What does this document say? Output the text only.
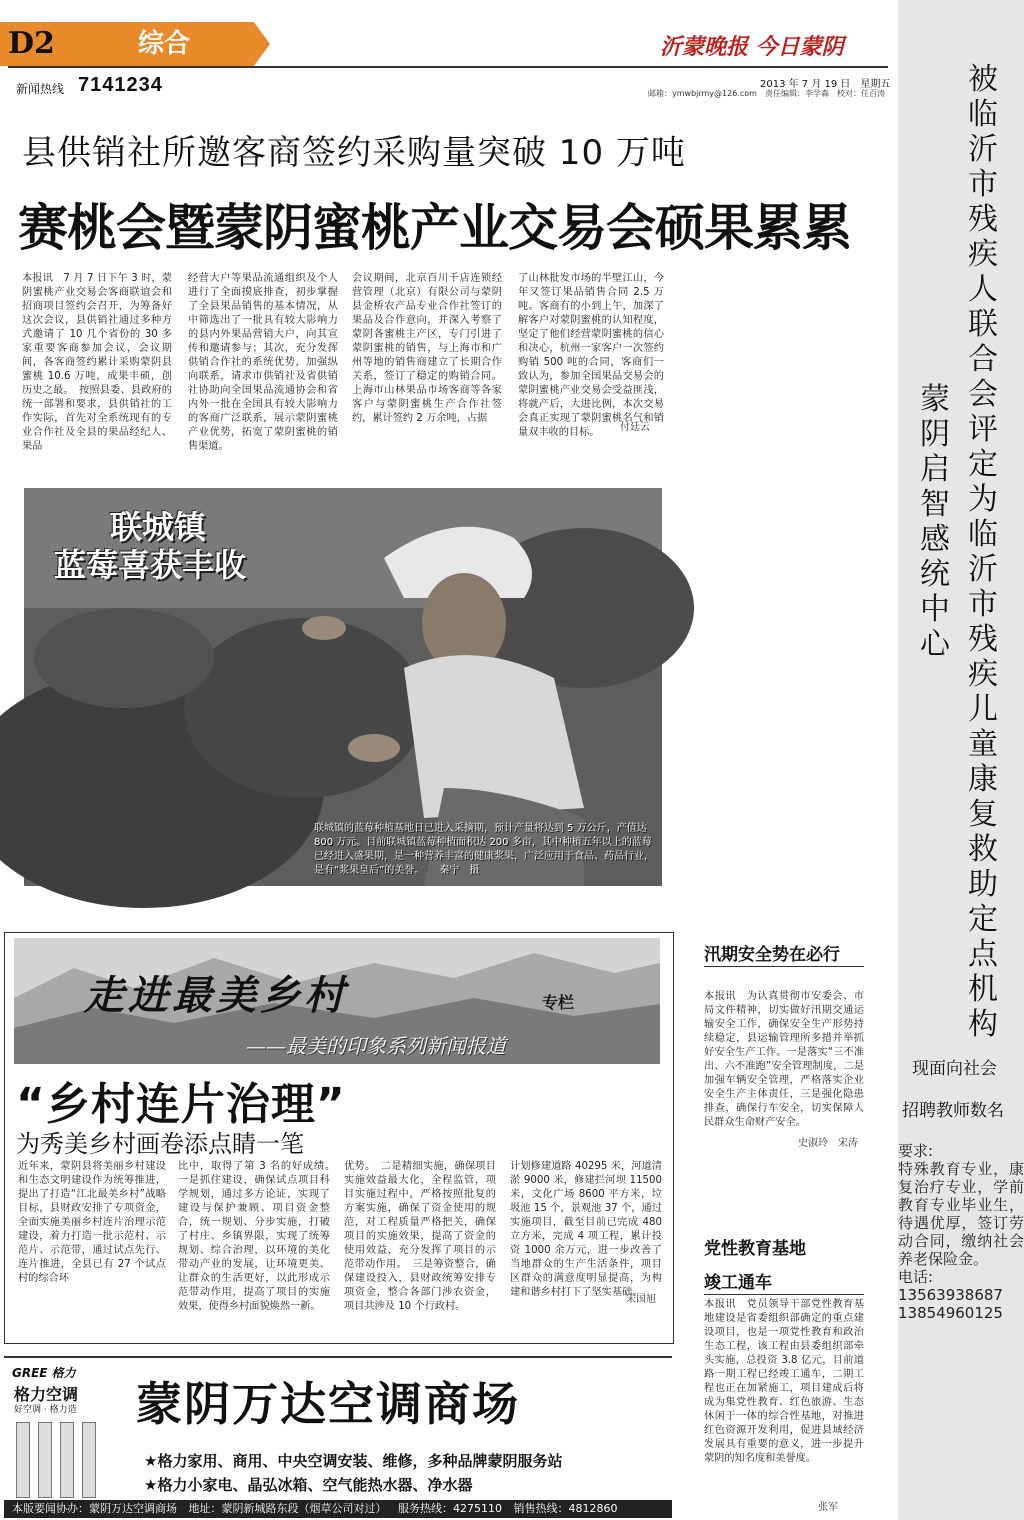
D2	综合	沂蒙晚报 今日蒙阴
新闻热线 7141234	2013 年 7 月 19 日　星期五
邮箱：ymwbjrmy@126.com　责任编辑：李学森　校对：任百涛
县供销社所邀客商签约采购量突破 10 万吨
赛桃会暨蒙阴蜜桃产业交易会硕果累累
本报讯　7 月 7 日下午 3 时，蒙阴蜜桃产业交易会客商联谊会和招商项目签约会召开，为筹备好这次会议，县供销社通过多种方式邀请了 10 几个省份的 30 多家重要客商参加会议，会议期间，各客商签约累计采购蒙阴县蜜桃 10.6 万吨，成果丰硕，创历史之最。　按照县委、县政府的统一部署和要求，县供销社的工作实际，首先对全系统现有的专业合作社及全县的果品经纪人、果品
经营大户等果品流通组织及个人进行了全面摸底排查，初步掌握了全县果品销售的基本情况，从中筛选出了一批具有较大影响力的县内外果品营销大户，向其宣传和邀请参与；其次，充分发挥供销合作社的系统优势，加强纵向联系，请求市供销社及省供销社协助向全国果品流通协会和省内外一批在全国具有较大影响力的客商广泛联系，展示蒙阴蜜桃产业优势，拓宽了蒙阴蜜桃的销售渠道。
会议期间，北京百川千店连锁经营管理（北京）有限公司与蒙阴县金桥农产品专业合作社签订的果品及合作意向，并深入考察了蒙阴各蜜桃主产区，专门引进了蒙阴蜜桃的销售，与上海市和广州等地的销售商建立了长期合作关系，签订了稳定的购销合同。上海市山林果品市场客商等各家客户与蒙阴蜜桃生产合作社签约，累计签约 2 万余吨，占据
了山林批发市场的半壁江山，今年又签订果品销售合同 2.5 万吨。客商有的小到上午，加深了解客户对蒙阴蜜桃的认知程度，坚定了他们经营蒙阴蜜桃的信心和决心，杭州一家客户一次签约购销 500 吨的合同，客商们一致认为，参加全国果品交易会的蒙阴蜜桃产业交易会受益匪浅，将就产后，大进比例，本次交易会真正实现了蒙阴蜜桃名气和销量双丰收的目标。	付廷云
联城镇
蓝莓喜获丰收
联城镇的蓝莓种植基地日已进入采摘期，预计产量将达到 5 万公斤，产值达 800 万元。目前联城镇蓝莓种植面积达 200 多亩，其中种植五年以上的蓝莓已经进入盛果期，是一种营养丰富的健康浆果，广泛应用于食品、药品行业，是有“浆果皇后”的美誉。　　秦宁　摄
走进最美乡村	专栏
——最美的印象系列新闻报道
“乡村连片治理”
为秀美乡村画卷添点睛一笔
近年来，蒙阴县将美丽乡村建设和生态文明建设作为统筹推进，提出了打造“江北最美乡村”战略目标，县财政安排了专项资金，全面实施美丽乡村连片治理示范建设，着力打造一批示范村、示范片、示范带，通过试点先行、连片推进，全县已有 27 个试点村的综合环
比中，取得了第 3 名的好成绩。　一是抓住建设，确保试点项目科学规划，通过多方论证，实现了建设与保护兼顾、项目资金整合，统一规划、分步实施，打破了村庄、乡镇界限，实现了统筹规划、综合治理，以环境的美化带动产业的发展，让环境更美、让群众的生活更好，以此形成示范带动作用，提高了项目的实施效果，使得乡村面貌焕然一新。
优势。　二是精细实施，确保项目实施效益最大化，全程监管，项目实施过程中，严格按照批复的方案实施，确保了资金使用的规范，对工程质量严格把关，确保项目的实施效果，提高了资金的使用效益，充分发挥了项目的示范带动作用。　三是筹资整合，确保建设投入，县财政统筹安排专项资金，整合各部门涉农资金，项目共涉及 10 个行政村。
计划修建道路 40295 米，河道清淤 9000 米，修建拦河坝 11500 米，文化广场 8600 平方米，垃圾池 15 个，景观池 37 个，通过实施项目，截至目前已完成 480 立方米，完成 4 项工程，累计投资 1000 余万元，进一步改善了当地群众的生产生活条件，项目区群众的满意度明显提高，为构建和谐乡村打下了坚实基础。
宋国旭
汛期安全势在必行
本报讯　为认真贯彻市安委会、市局文件精神，切实做好汛期交通运输安全工作，确保安全生产形势持续稳定，县运输管理所多措并举抓好安全生产工作。一是落实“三不准出、六不准跑”安全管理制度，二是加强车辆安全管理，严格落实企业安全生产主体责任，三是强化隐患排查，确保行车安全，切实保障人民群众生命财产安全。
史淑玲　宋涛
党性教育基地
竣工通车
本报讯　党员领导干部党性教育基地建设是省委组织部确定的重点建设项目，也是一项党性教育和政治生态工程，该工程由县委组织部牵头实施，总投资 3.8 亿元，目前道路一期工程已经竣工通车，二期工程也正在加紧施工，项目建成后将成为集党性教育、红色旅游、生态休闲于一体的综合性基地，对推进红色资源开发利用，促进县域经济发展具有重要的意义，进一步提升蒙阴的知名度和美誉度。
张军
GREE 格力
格力空调
好空调 · 格力造 蒙阴万达空调商场
★格力家用、商用、中央空调安装、维修，多种品牌蒙阴服务站
★格力小家电、晶弘冰箱、空气能热水器、净水器
本版要闻协办：蒙阴万达空调商场 地址：蒙阴新城路东段（烟草公司对过） 服务热线：4275110 销售热线：4812860
被临沂市残疾人联合会评定为临沂市残疾儿童康复救助定点机构
蒙阴启智感统中心
现面向社会
招聘教师数名
要求:
特殊教育专业，康复治疗专业，学前教育专业毕业生，待遇优厚，签订劳动合同，缴纳社会养老保险金。
电话:
13563938687
13854960125
